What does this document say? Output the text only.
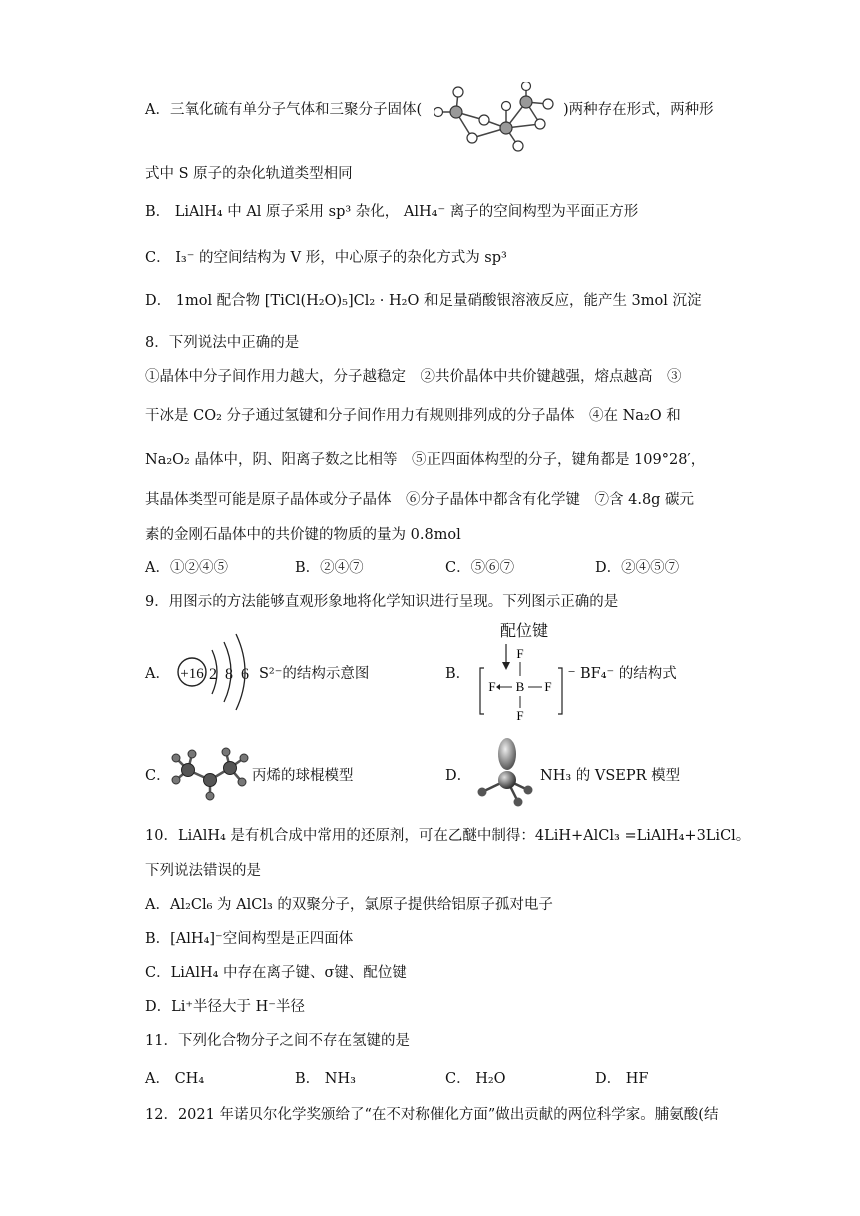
A．三氧化硫有单分子气体和三聚分子固体(	)两种存在形式，两种形
式中 S 原子的杂化轨道类型相同
B． LiAlH₄ 中 Al 原子采用 sp³ 杂化， AlH₄⁻ 离子的空间构型为平面正方形
C． I₃⁻ 的空间结构为 V 形，中心原子的杂化方式为 sp³
D． 1mol 配合物 [TiCl(H₂O)₅]Cl₂ · H₂O 和足量硝酸银溶液反应，能产生 3mol 沉淀
8．下列说法中正确的是
①晶体中分子间作用力越大，分子越稳定　②共价晶体中共价键越强，熔点越高　③
干冰是 CO₂ 分子通过氢键和分子间作用力有规则排列成的分子晶体　④在 Na₂O 和
Na₂O₂ 晶体中，阴、阳离子数之比相等　⑤正四面体构型的分子，键角都是 109°28′，
其晶体类型可能是原子晶体或分子晶体　⑥分子晶体中都含有化学键　⑦含 4.8g 碳元
素的金刚石晶体中的共价键的物质的量为 0.8mol
A．①②④⑤	B．②④⑦	C．⑤⑥⑦	D．②④⑤⑦
9．用图示的方法能够直观形象地将化学知识进行呈现。下列图示正确的是
A． +16 2 8 6 S²⁻的结构示意图	B．
配位键
F
F B F
F
− BF₄⁻ 的结构式
C．	丙烯的球棍模型	D．	NH₃ 的 VSEPR 模型
10．LiAlH₄ 是有机合成中常用的还原剂，可在乙醚中制得：4LiH+AlCl₃ =LiAlH₄+3LiCl。
下列说法错误的是
A．Al₂Cl₆ 为 AlCl₃ 的双聚分子，氯原子提供给铝原子孤对电子
B．[AlH₄]⁻空间构型是正四面体
C．LiAlH₄ 中存在离子键、σ键、配位键
D．Li⁺半径大于 H⁻半径
11．下列化合物分子之间不存在氢键的是
A． CH₄	B． NH₃	C． H₂O	D． HF
12．2021 年诺贝尔化学奖颁给了“在不对称催化方面”做出贡献的两位科学家。脯氨酸(结
